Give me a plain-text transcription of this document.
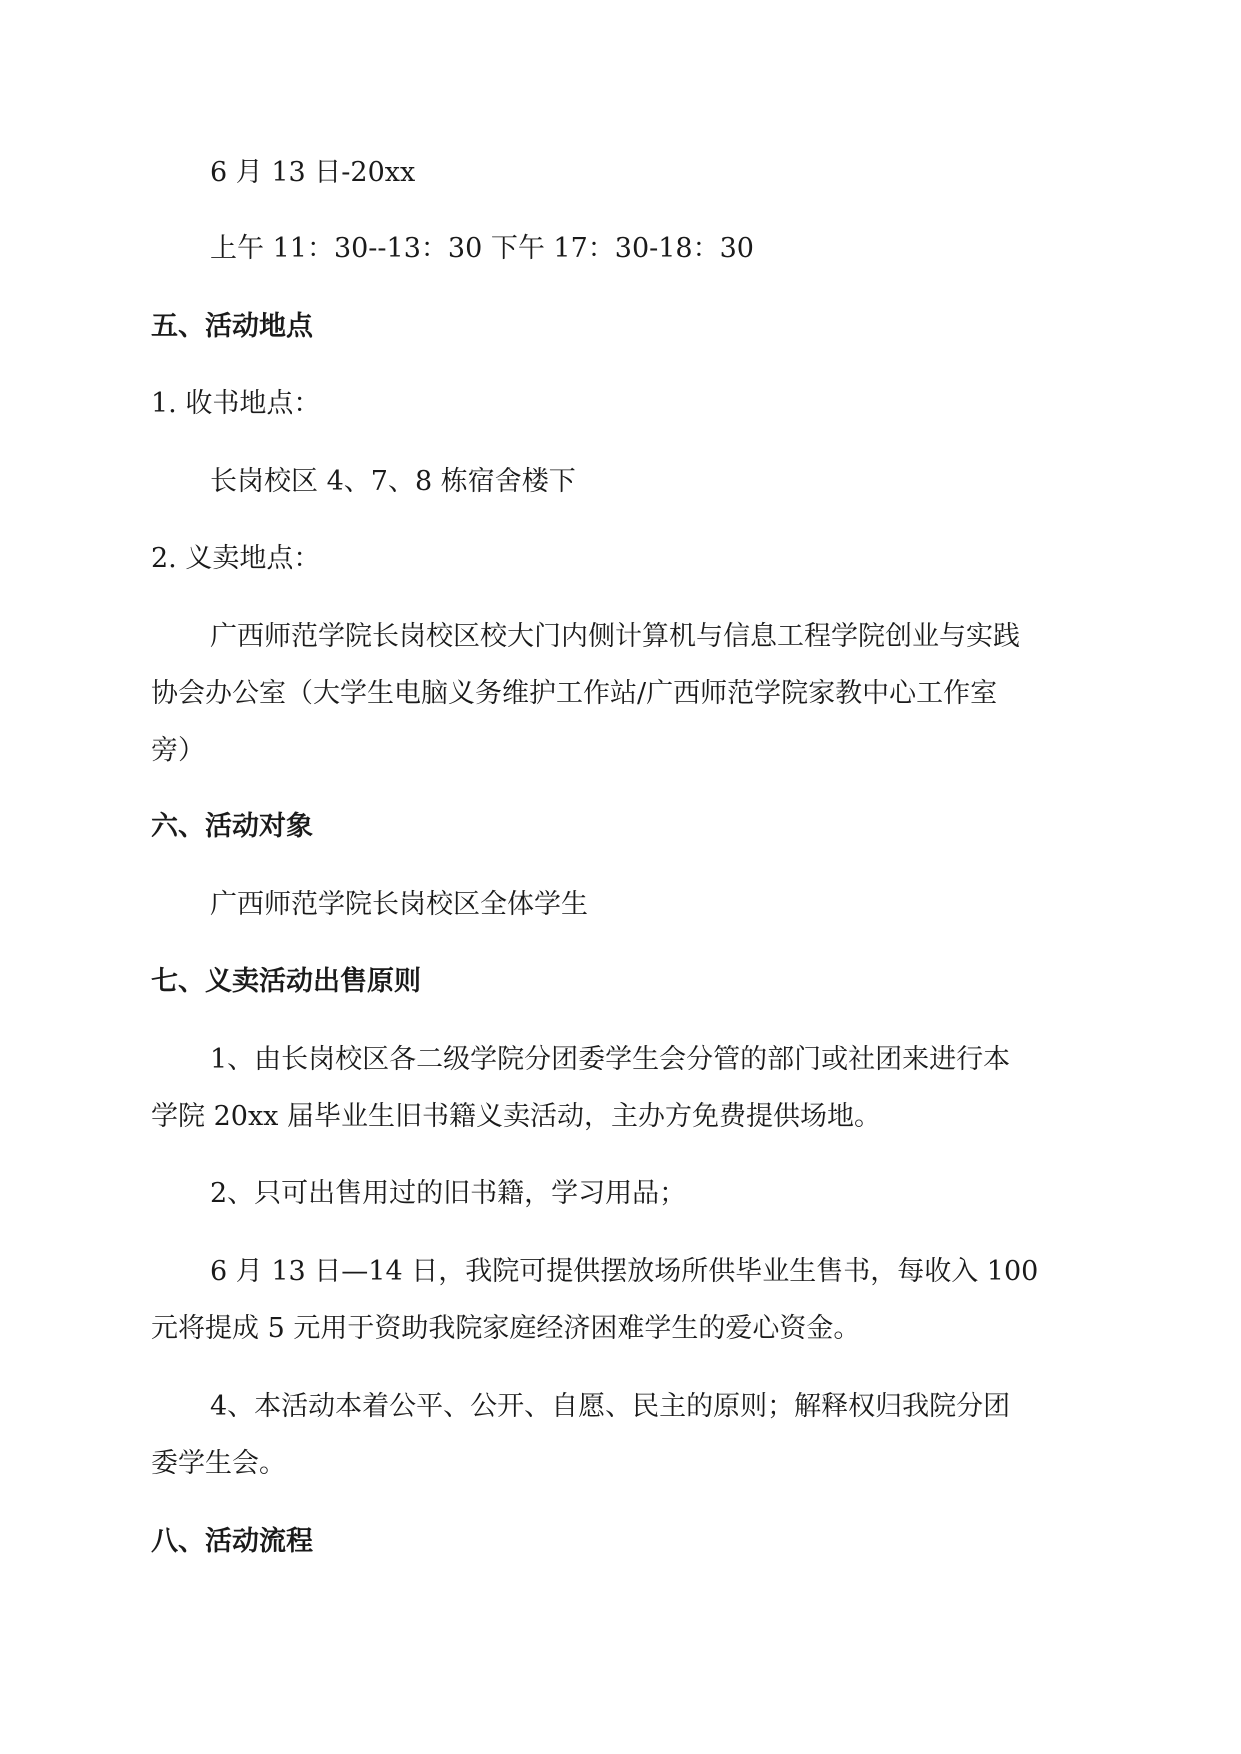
6 月 13 日-20xx
上午 11：30--13：30 下午 17：30-18：30
五、活动地点
1. 收书地点：
长岗校区 4、7、8 栋宿舍楼下
2. 义卖地点：
广西师范学院长岗校区校大门内侧计算机与信息工程学院创业与实践
协会办公室（大学生电脑义务维护工作站/广西师范学院家教中心工作室
旁）
六、活动对象
广西师范学院长岗校区全体学生
七、义卖活动出售原则
1、由长岗校区各二级学院分团委学生会分管的部门或社团来进行本
学院 20xx 届毕业生旧书籍义卖活动，主办方免费提供场地。
2、只可出售用过的旧书籍，学习用品；
6 月 13 日—14 日，我院可提供摆放场所供毕业生售书，每收入 100
元将提成 5 元用于资助我院家庭经济困难学生的爱心资金。
4、本活动本着公平、公开、自愿、民主的原则；解释权归我院分团
委学生会。
八、活动流程
